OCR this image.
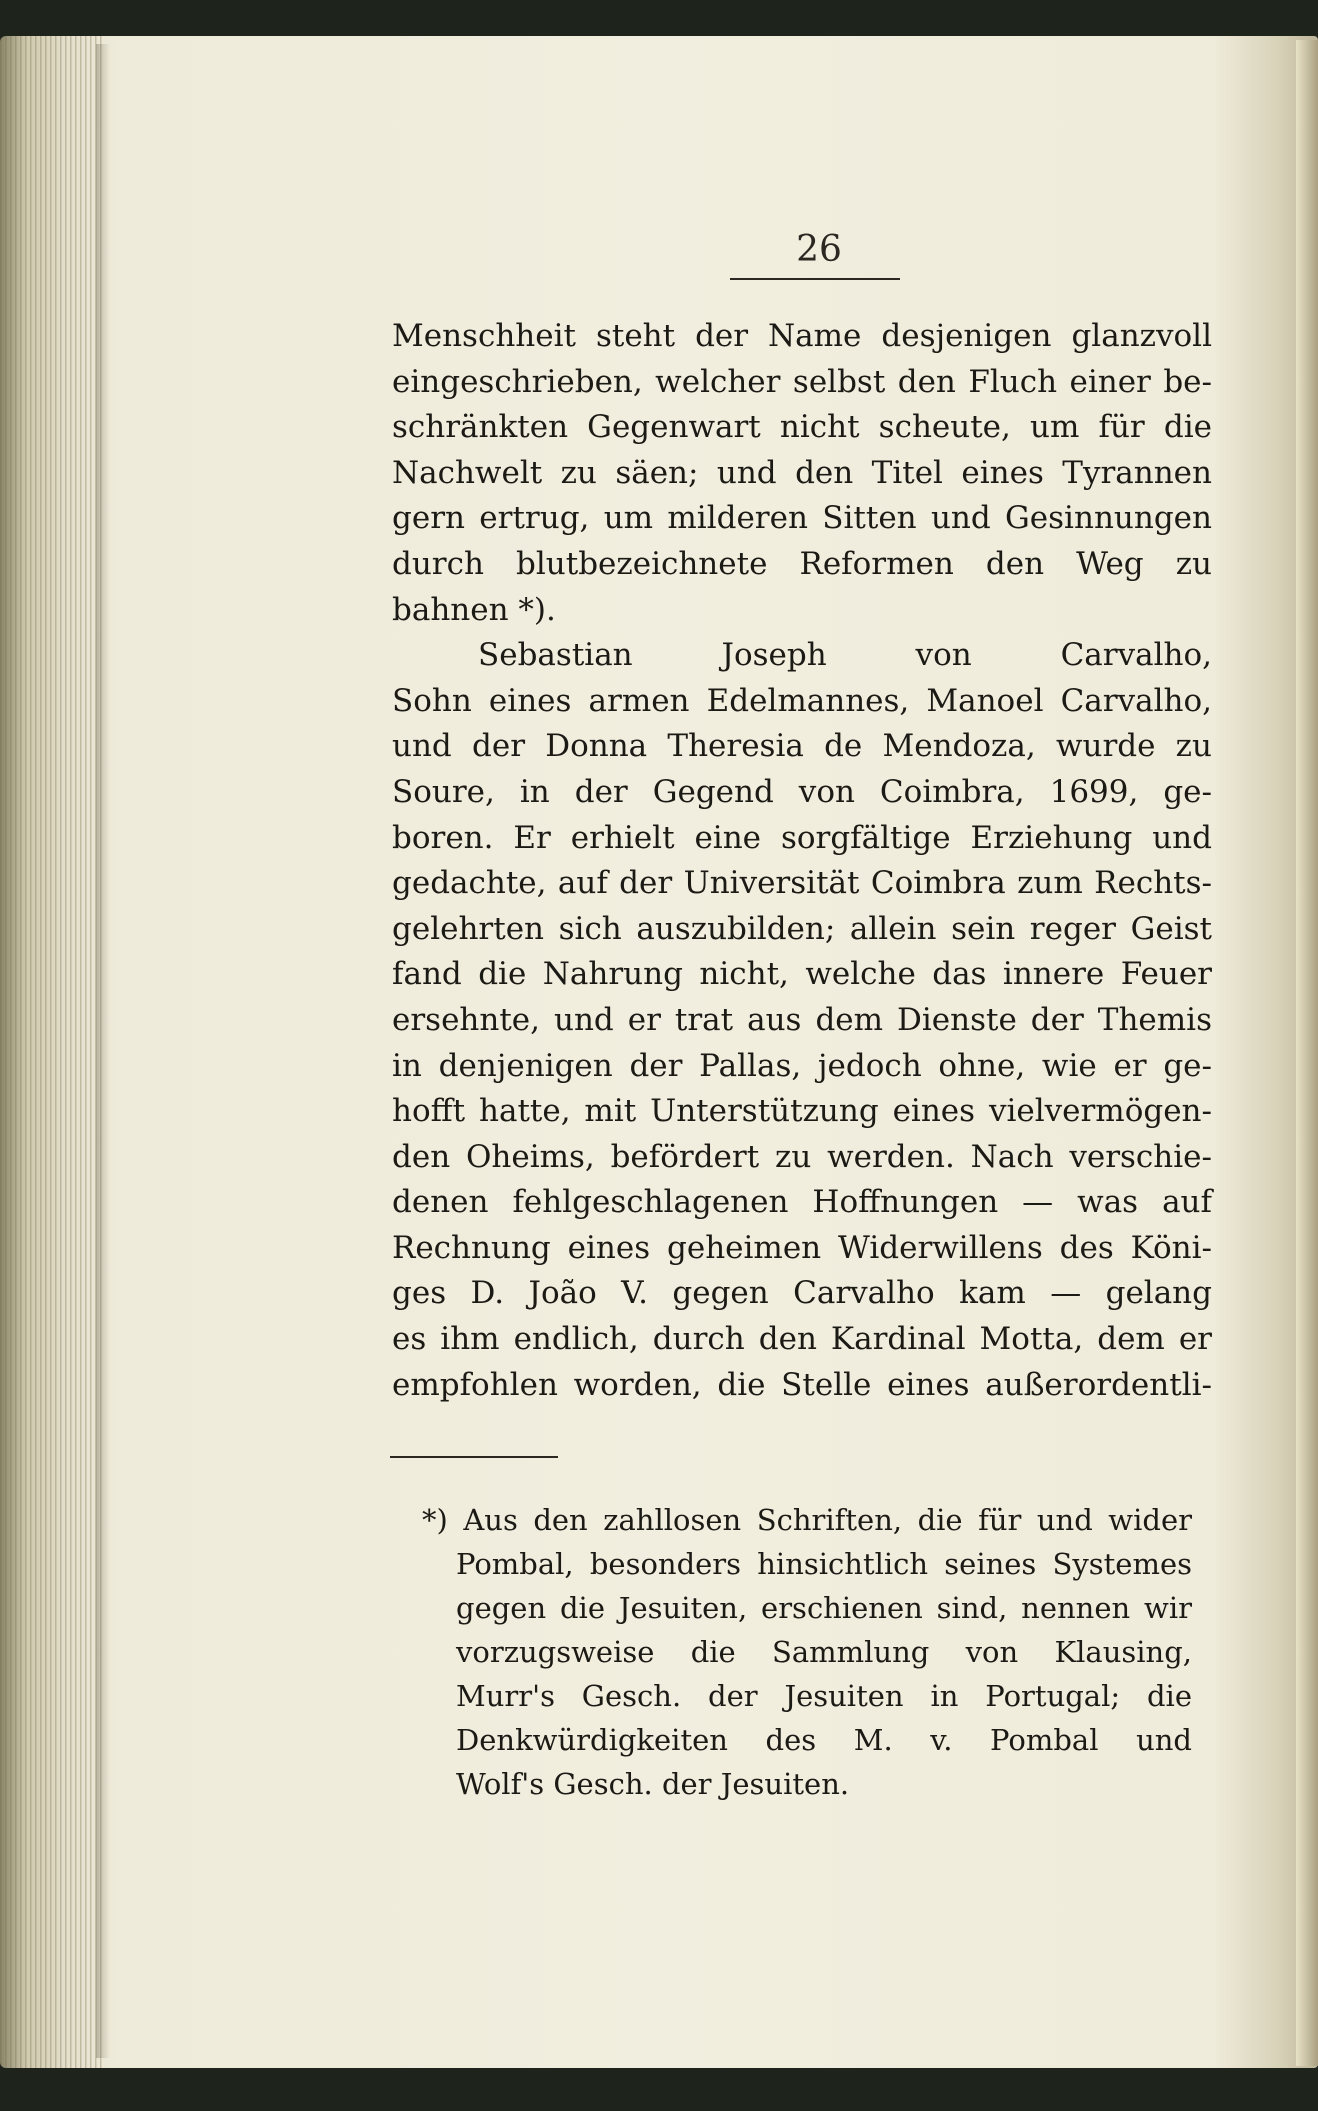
26
Menschheit steht der Name desjenigen glanzvoll
eingeschrieben, welcher selbst den Fluch einer be-
schränkten Gegenwart nicht scheute, um für die
Nachwelt zu säen; und den Titel eines Tyrannen
gern ertrug, um milderen Sitten und Gesinnungen
durch blutbezeichnete Reformen den Weg zu
bahnen *).
Sebastian Joseph von Carvalho,
Sohn eines armen Edelmannes, Manoel Carvalho,
und der Donna Theresia de Mendoza, wurde zu
Soure, in der Gegend von Coimbra, 1699, ge-
boren. Er erhielt eine sorgfältige Erziehung und
gedachte, auf der Universität Coimbra zum Rechts-
gelehrten sich auszubilden; allein sein reger Geist
fand die Nahrung nicht, welche das innere Feuer
ersehnte, und er trat aus dem Dienste der Themis
in denjenigen der Pallas, jedoch ohne, wie er ge-
hofft hatte, mit Unterstützung eines vielvermögen-
den Oheims, befördert zu werden. Nach verschie-
denen fehlgeschlagenen Hoffnungen — was auf
Rechnung eines geheimen Widerwillens des Köni-
ges D. João V. gegen Carvalho kam — gelang
es ihm endlich, durch den Kardinal Motta, dem er
empfohlen worden, die Stelle eines außerordentli-
*) Aus den zahllosen Schriften, die für und wider
Pombal, besonders hinsichtlich seines Systemes
gegen die Jesuiten, erschienen sind, nennen wir
vorzugsweise die Sammlung von Klausing,
Murr's Gesch. der Jesuiten in Portugal; die
Denkwürdigkeiten des M. v. Pombal und
Wolf's Gesch. der Jesuiten.
